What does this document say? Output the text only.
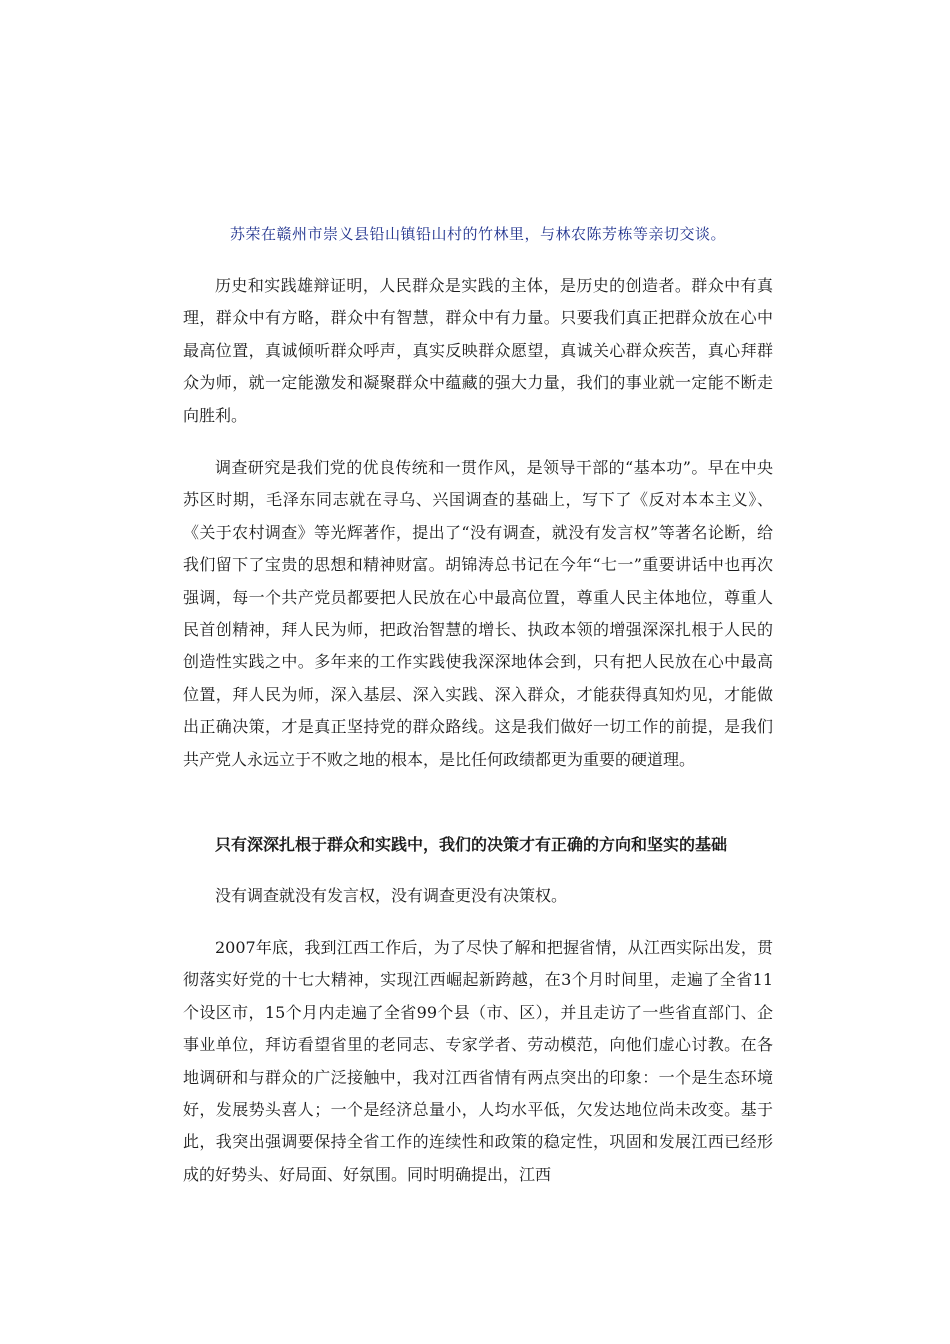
苏荣在赣州市崇义县铅山镇铅山村的竹林里，与林农陈芳栋等亲切交谈。

历史和实践雄辩证明，人民群众是实践的主体，是历史的创造者。群众中有真理，群众中有方略，群众中有智慧，群众中有力量。只要我们真正把群众放在心中最高位置，真诚倾听群众呼声，真实反映群众愿望，真诚关心群众疾苦，真心拜群众为师，就一定能激发和凝聚群众中蕴藏的强大力量，我们的事业就一定能不断走向胜利。

调查研究是我们党的优良传统和一贯作风，是领导干部的“基本功”。早在中央苏区时期，毛泽东同志就在寻乌、兴国调查的基础上，写下了《反对本本主义》、《关于农村调查》等光辉著作，提出了“没有调查，就没有发言权”等著名论断，给我们留下了宝贵的思想和精神财富。胡锦涛总书记在今年“七一”重要讲话中也再次强调，每一个共产党员都要把人民放在心中最高位置，尊重人民主体地位，尊重人民首创精神，拜人民为师，把政治智慧的增长、执政本领的增强深深扎根于人民的创造性实践之中。多年来的工作实践使我深深地体会到，只有把人民放在心中最高位置，拜人民为师，深入基层、深入实践、深入群众，才能获得真知灼见，才能做出正确决策，才是真正坚持党的群众路线。这是我们做好一切工作的前提，是我们共产党人永远立于不败之地的根本，是比任何政绩都更为重要的硬道理。

只有深深扎根于群众和实践中，我们的决策才有正确的方向和坚实的基础

没有调查就没有发言权，没有调查更没有决策权。

2007年底，我到江西工作后，为了尽快了解和把握省情，从江西实际出发，贯彻落实好党的十七大精神，实现江西崛起新跨越，在3个月时间里，走遍了全省11个设区市，15个月内走遍了全省99个县（市、区），并且走访了一些省直部门、企事业单位，拜访看望省里的老同志、专家学者、劳动模范，向他们虚心讨教。在各地调研和与群众的广泛接触中，我对江西省情有两点突出的印象：一个是生态环境好，发展势头喜人；一个是经济总量小，人均水平低，欠发达地位尚未改变。基于此，我突出强调要保持全省工作的连续性和政策的稳定性，巩固和发展江西已经形成的好势头、好局面、好氛围。同时明确提出，江西
